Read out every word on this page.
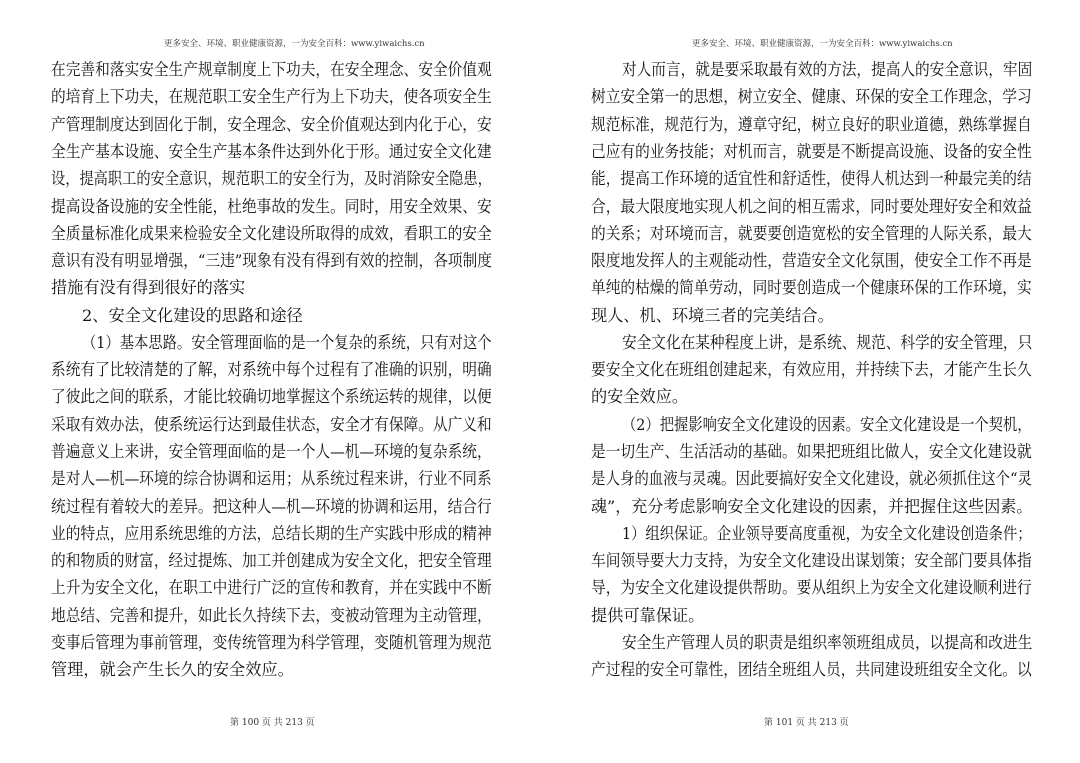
更多安全、环境、职业健康资源，一为安全百科：www.yiwaichs.cn
在完善和落实安全生产规章制度上下功夫，在安全理念、安全价值观
的培育上下功夫，在规范职工安全生产行为上下功夫，使各项安全生
产管理制度达到固化于制，安全理念、安全价值观达到内化于心，安
全生产基本设施、安全生产基本条件达到外化于形。通过安全文化建
设，提高职工的安全意识，规范职工的安全行为，及时消除安全隐患，
提高设备设施的安全性能，杜绝事故的发生。同时，用安全效果、安
全质量标准化成果来检验安全文化建设所取得的成效，看职工的安全
意识有没有明显增强，“三违”现象有没有得到有效的控制，各项制度
措施有没有得到很好的落实
2、安全文化建设的思路和途径
（1）基本思路。安全管理面临的是一个复杂的系统，只有对这个
系统有了比较清楚的了解，对系统中每个过程有了准确的识别，明确
了彼此之间的联系，才能比较确切地掌握这个系统运转的规律，以便
采取有效办法，使系统运行达到最佳状态，安全才有保障。从广义和
普遍意义上来讲，安全管理面临的是一个人—机—环境的复杂系统，
是对人—机—环境的综合协调和运用；从系统过程来讲，行业不同系
统过程有着较大的差异。把这种人—机—环境的协调和运用，结合行
业的特点，应用系统思维的方法，总结长期的生产实践中形成的精神
的和物质的财富，经过提炼、加工并创建成为安全文化，把安全管理
上升为安全文化，在职工中进行广泛的宣传和教育，并在实践中不断
地总结、完善和提升，如此长久持续下去，变被动管理为主动管理，
变事后管理为事前管理，变传统管理为科学管理，变随机管理为规范
管理，就会产生长久的安全效应。
第 100 页 共 213 页
更多安全、环境、职业健康资源，一为安全百科：www.yiwaichs.cn
对人而言，就是要采取最有效的方法，提高人的安全意识，牢固
树立安全第一的思想，树立安全、健康、环保的安全工作理念，学习
规范标准，规范行为，遵章守纪，树立良好的职业道德，熟练掌握自
己应有的业务技能；对机而言，就要是不断提高设施、设备的安全性
能，提高工作环境的适宜性和舒适性，使得人机达到一种最完美的结
合，最大限度地实现人机之间的相互需求，同时要处理好安全和效益
的关系；对环境而言，就要要创造宽松的安全管理的人际关系，最大
限度地发挥人的主观能动性，营造安全文化氛围，使安全工作不再是
单纯的枯燥的简单劳动，同时要创造成一个健康环保的工作环境，实
现人、机、环境三者的完美结合。
安全文化在某种程度上讲，是系统、规范、科学的安全管理，只
要安全文化在班组创建起来，有效应用，并持续下去，才能产生长久
的安全效应。
（2）把握影响安全文化建设的因素。安全文化建设是一个契机，
是一切生产、生活活动的基础。如果把班组比做人，安全文化建设就
是人身的血液与灵魂。因此要搞好安全文化建设，就必须抓住这个“灵
魂”，充分考虑影响安全文化建设的因素，并把握住这些因素。
1）组织保证。企业领导要高度重视，为安全文化建设创造条件；
车间领导要大力支持，为安全文化建设出谋划策；安全部门要具体指
导，为安全文化建设提供帮助。要从组织上为安全文化建设顺利进行
提供可靠保证。
安全生产管理人员的职责是组织率领班组成员，以提高和改进生
产过程的安全可靠性，团结全班组人员，共同建设班组安全文化。以
第 101 页 共 213 页
